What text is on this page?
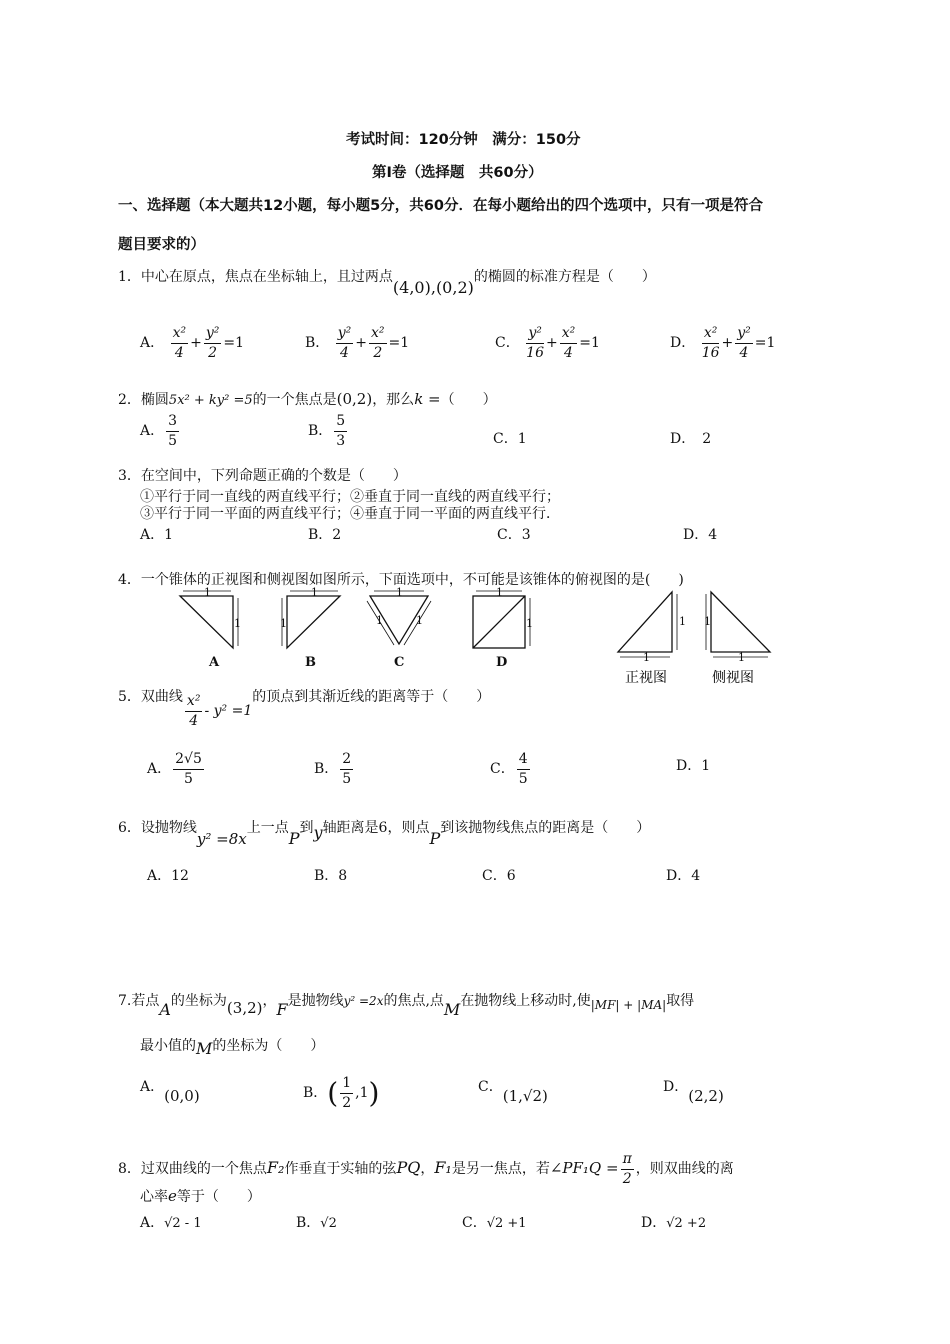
考试时间：120分钟　满分：150分
第Ⅰ卷（选择题　共60分）
一、选择题（本大题共12小题，每小题5分，共60分．在每小题给出的四个选项中，只有一项是符合
题目要求的）
1．中心在原点，焦点在坐标轴上，且过两点(4,0),(0,2)的椭圆的标准方程是（　　）
A． $\frac{\text{x²}}{4} + \frac{\text{y²}}{2} =1$	B． $\frac{\text{y²}}{4} + \frac{\text{x²}}{2} =1$	C． $\frac{\text{y²}}{16} + \frac{\text{x²}}{4} =1$	D． $\frac{\text{x²}}{16} + \frac{\text{y²}}{4} =1$
2．椭圆5x² + ky² =5的一个焦点是(0,2)，那么k =（　　）
A． $\frac{3}{5}$	B． $\frac{5}{3}$	C．1	D．　2
3．在空间中，下列命题正确的个数是（　　）
①平行于同一直线的两直线平行；②垂直于同一直线的两直线平行；
③平行于同一平面的两直线平行；④垂直于同一平面的两直线平行．
A．1	B．2	C．3	D．4
4．一个锥体的正视图和侧视图如图所示，下面选项中，不可能是该锥体的俯视图的是(　　)
1
1
1
1
1
1	1
1
1	1
1
1
1
A	B	C	D
正视图	侧视图
5．双曲线 $\frac{\text{x²}}{4} - y^2 =1$的顶点到其渐近线的距离等于（　　）
A． $\frac{2√5}{5}$	B． $\frac{2}{5}$	C． $\frac{4}{5}$	D．1
6．设抛物线y² =8x上一点P到y轴距离是6，则点P到该抛物线焦点的距离是（　　）
A．12	B．8	C．6	D．4
7.若点A的坐标为(3,2)，F是抛物线y² =2x的焦点,点M在抛物线上移动时,使|MF| + |MA|取得
最小值的M的坐标为（　　）
A．(0,0)	B．( $\frac{1}{2} ,1$)	C．(1,√2)	D．(2,2)
8．过双曲线的一个焦点F₂作垂直于实轴的弦PQ，F₁是另一焦点，若∠PF₁Q = $\frac{\pi}{2}$ ，则双曲线的离
心率e等于（　　）
A．√2 - 1	B．√2	C．√2 +1	D．√2 +2
